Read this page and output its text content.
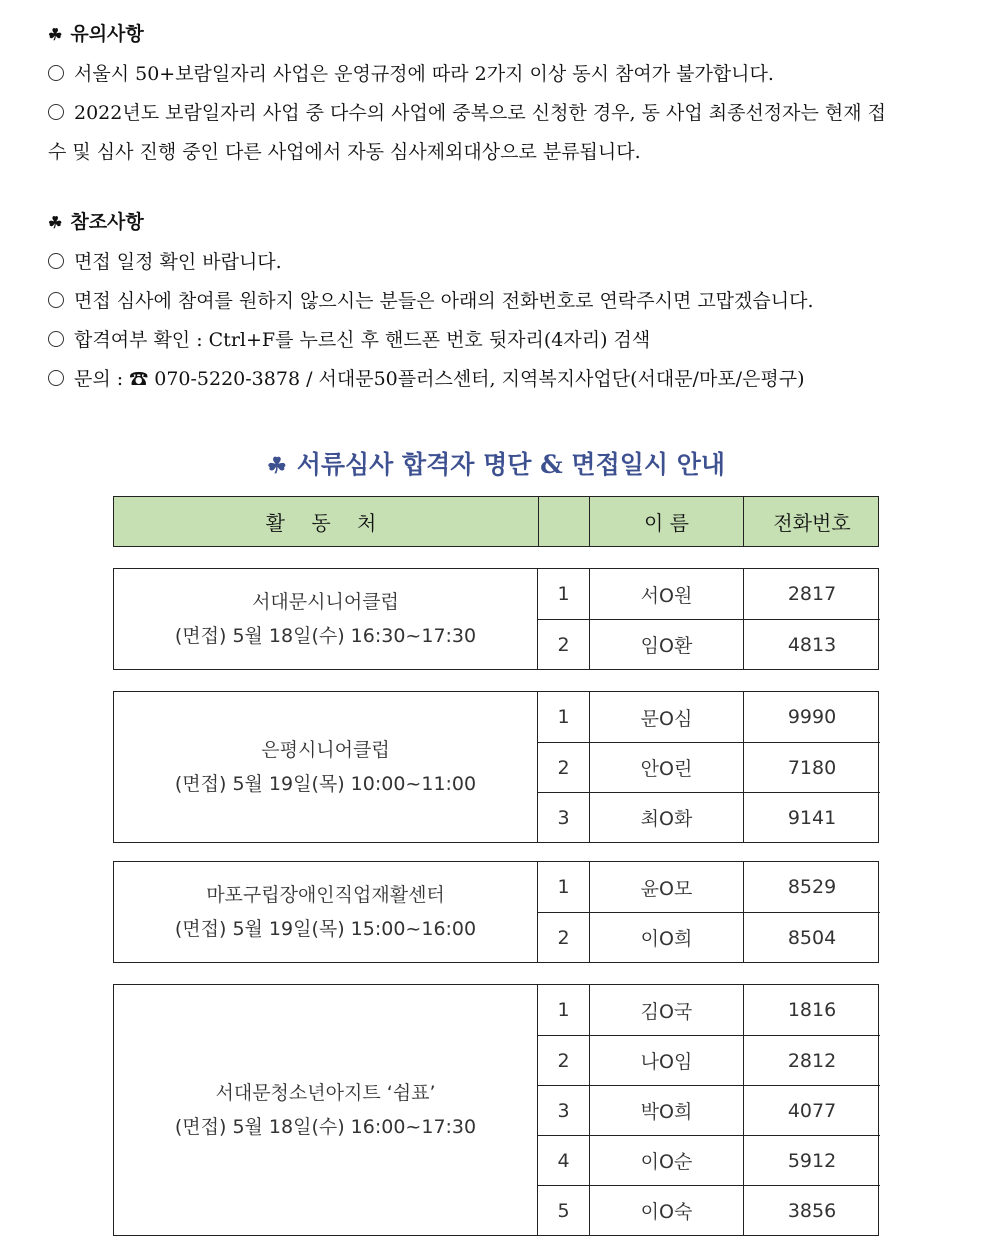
☘ 유의사항

서울시 50+보람일자리 사업은 운영규정에 따라 2가지 이상 동시 참여가 불가합니다.

2022년도 보람일자리 사업 중 다수의 사업에 중복으로 신청한 경우, 동 사업 최종선정자는 현재 접

수 및 심사 진행 중인 다른 사업에서 자동 심사제외대상으로 분류됩니다.

☘ 참조사항

면접 일정 확인 바랍니다.

면접 심사에 참여를 원하지 않으시는 분들은 아래의 전화번호로 연락주시면 고맙겠습니다.

합격여부 확인 : Ctrl+F를 누르신 후 핸드폰 번호 뒷자리(4자리) 검색

문의 : ☎ 070-5220-3878 / 서대문50플러스센터, 지역복지사업단(서대문/마포/은평구)

☘ 서류심사 합격자 명단 & 면접일시 안내
활 동 처	이 름	전화번호
서대문시니어클럽
(면접) 5월 18일(수) 16:30~17:30
1	서O원	2817
2	임O환	4813
은평시니어클럽
(면접) 5월 19일(목) 10:00~11:00
1	문O심	9990
2	안O린	7180
3	최O화	9141
마포구립장애인직업재활센터
(면접) 5월 19일(목) 15:00~16:00
1	윤O모	8529
2	이O희	8504
서대문청소년아지트 ‘쉼표’
(면접) 5월 18일(수) 16:00~17:30
1	김O국	1816
2	나O임	2812
3	박O희	4077
4	이O순	5912
5	이O숙	3856
